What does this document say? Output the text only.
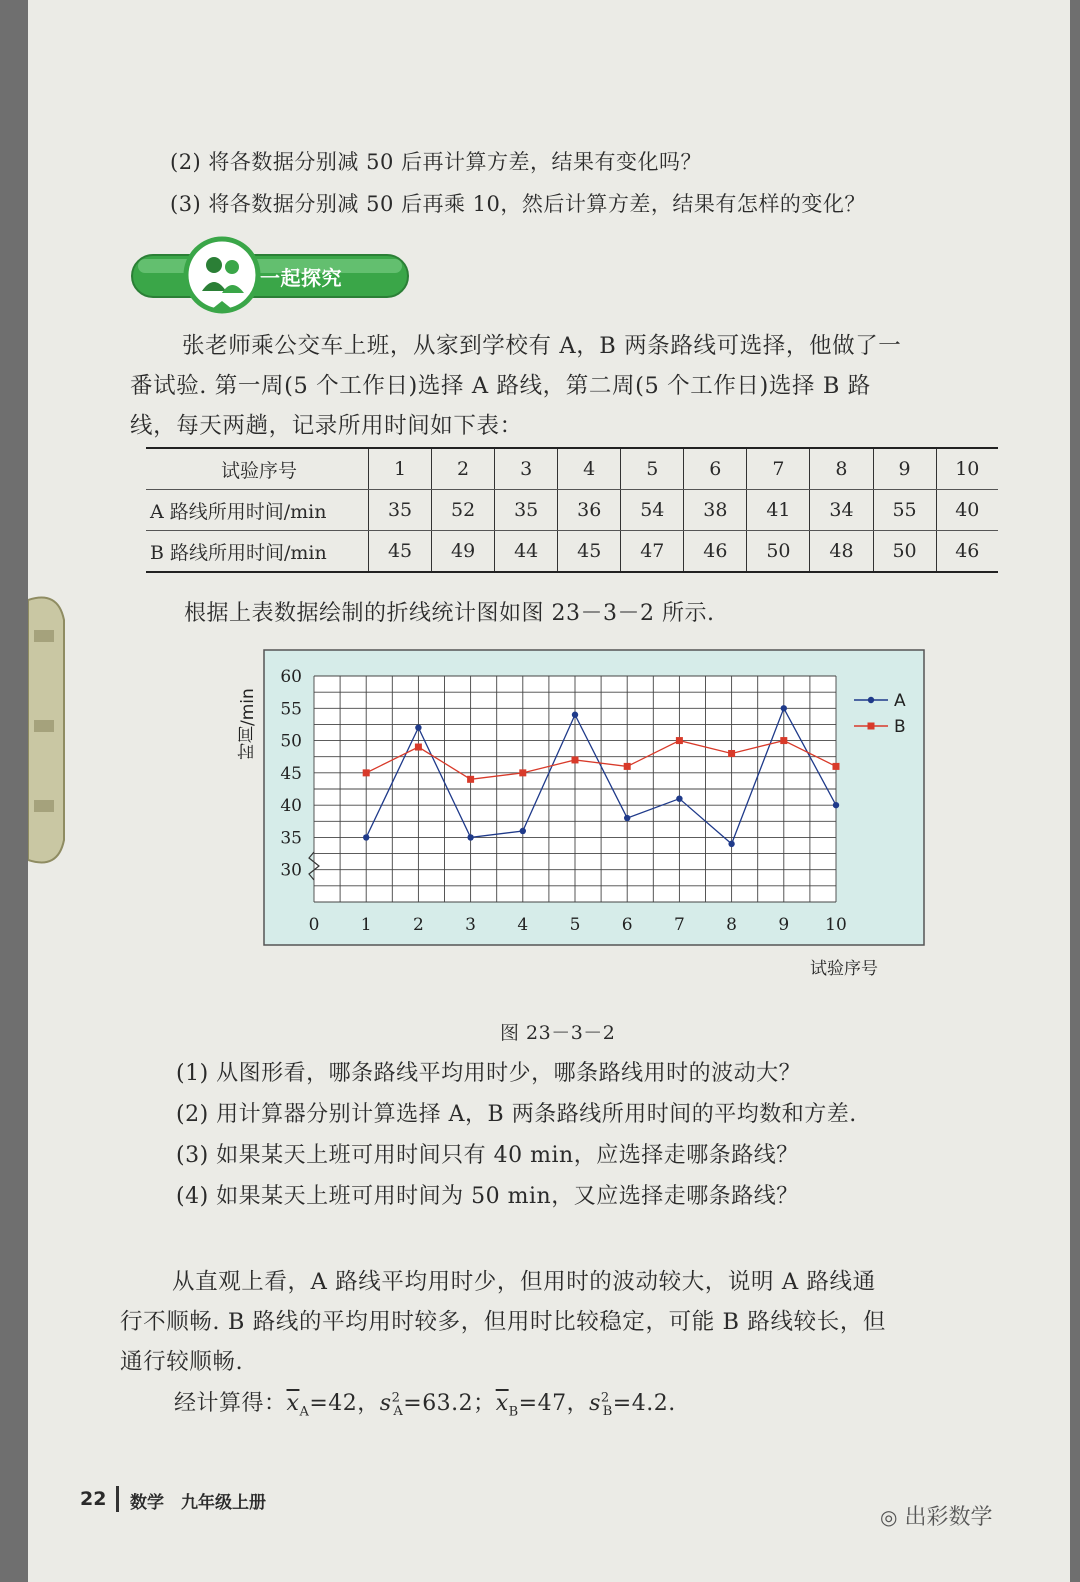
(2) 将各数据分别减 50 后再计算方差，结果有变化吗？
(3) 将各数据分别减 50 后再乘 10，然后计算方差，结果有怎样的变化？
一起探究

张老师乘公交车上班，从家到学校有 A，B 两条路线可选择，他做了一

番试验. 第一周(5 个工作日)选择 A 路线，第二周(5 个工作日)选择 B 路

线，每天两趟，记录所用时间如下表：

试验序号	1	2	3	4	5	6	7	8	9	10
A 路线所用时间/min	35	52	35	36	54	38	41	34	55	40
B 路线所用时间/min	45	49	44	45	47	46	50	48	50	46
根据上表数据绘制的折线统计图如图 23－3－2 所示.
60
55
50
45
40
35
30
0 1 2 3 4 5 6 7 8 9 10
时间/min
试验序号
A
B
图 23－3－2
(1) 从图形看，哪条路线平均用时少，哪条路线用时的波动大？
(2) 用计算器分别计算选择 A，B 两条路线所用时间的平均数和方差.
(3) 如果某天上班可用时间只有 40 min，应选择走哪条路线？
(4) 如果某天上班可用时间为 50 min，又应选择走哪条路线？

从直观上看，A 路线平均用时少，但用时的波动较大，说明 A 路线通

行不顺畅. B 路线的平均用时较多，但用时比较稳定，可能 B 路线较长，但

通行较顺畅.

经计算得：$\overline{x}_A=42$，$s^2_A=63.2$；$\overline{x}_B=47$，$s^2_B=4.2$.
22 数学　九年级上册
◎ 出彩数学
